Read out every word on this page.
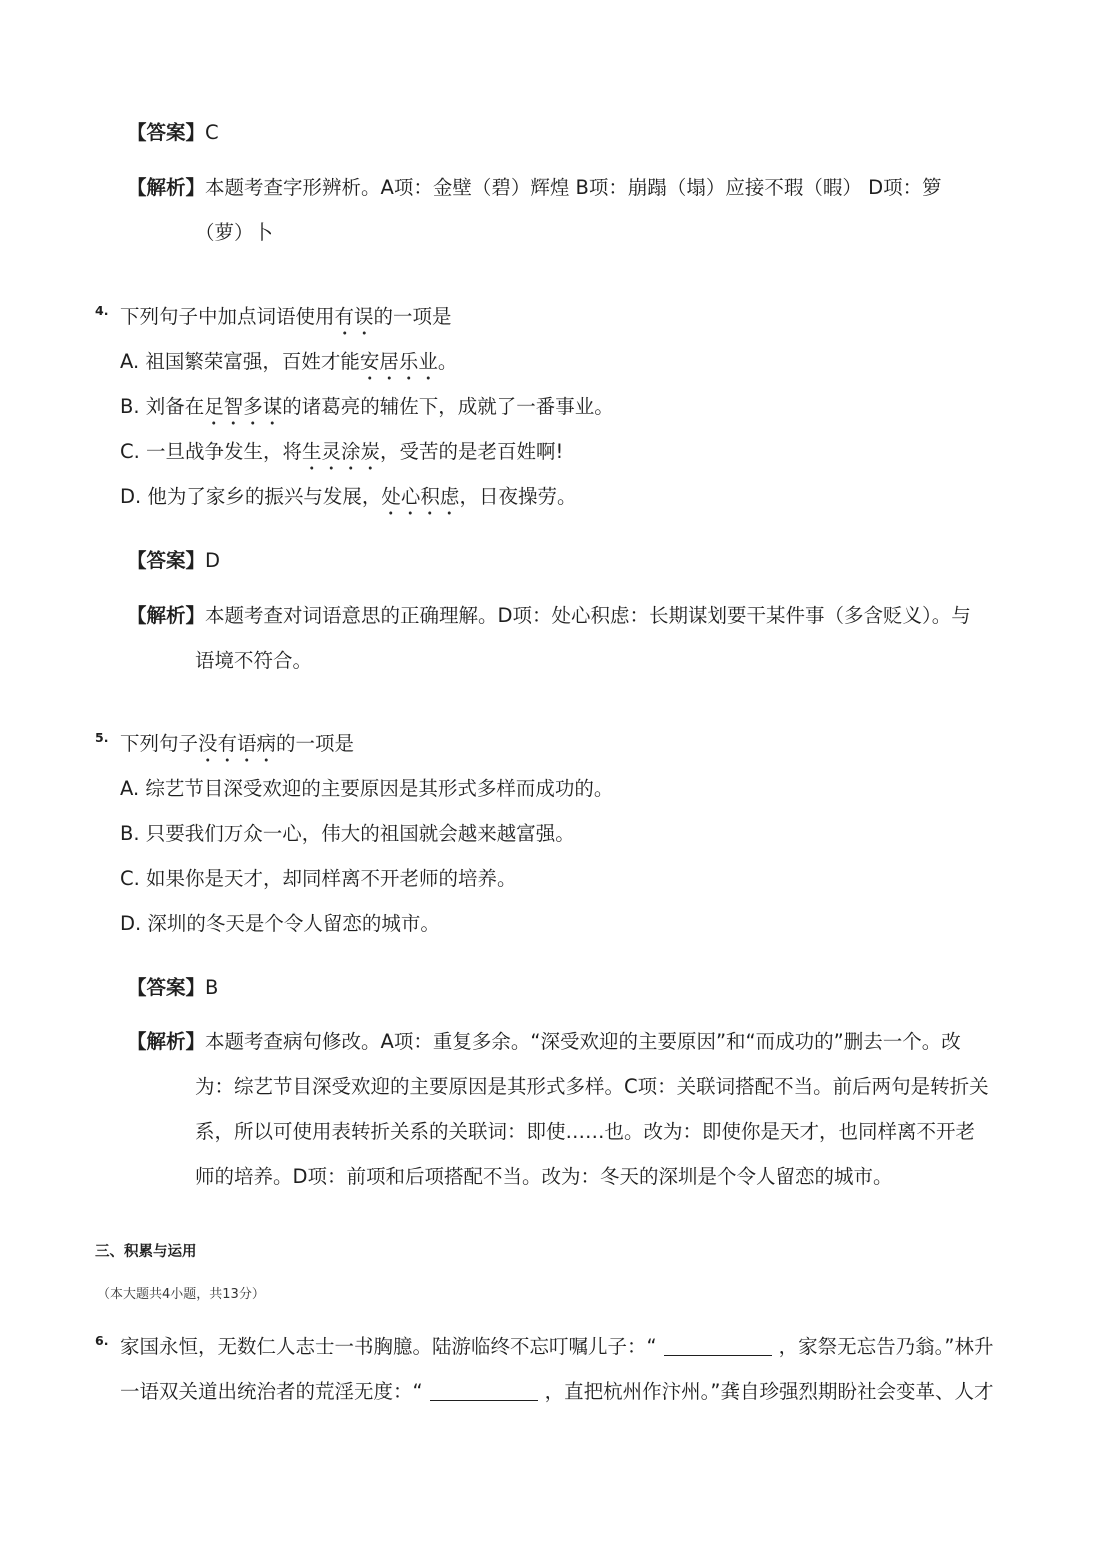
【答案】C
【解析】本题考查字形辨析。A项：金壁（碧）辉煌 B项：崩蹋（塌）应接不瑕（暇） D项：箩
（萝）卜
4. 下列句子中加点词语使用有误的一项是
A. 祖国繁荣富强，百姓才能安居乐业。
B. 刘备在足智多谋的诸葛亮的辅佐下，成就了一番事业。
C. 一旦战争发生，将生灵涂炭，受苦的是老百姓啊!
D. 他为了家乡的振兴与发展，处心积虑，日夜操劳。
【答案】D
【解析】本题考查对词语意思的正确理解。D项：处心积虑：长期谋划要干某件事（多含贬义）。与
语境不符合。
5. 下列句子没有语病的一项是
A. 综艺节目深受欢迎的主要原因是其形式多样而成功的。
B. 只要我们万众一心，伟大的祖国就会越来越富强。
C. 如果你是天才，却同样离不开老师的培养。
D. 深圳的冬天是个令人留恋的城市。
【答案】B
【解析】本题考查病句修改。A项：重复多余。“深受欢迎的主要原因”和“而成功的”删去一个。改
为：综艺节目深受欢迎的主要原因是其形式多样。C项：关联词搭配不当。前后两句是转折关
系，所以可使用表转折关系的关联词：即使……也。改为：即使你是天才，也同样离不开老
师的培养。D项：前项和后项搭配不当。改为：冬天的深圳是个令人留恋的城市。
三、积累与运用
（本大题共4小题，共13分）
6. 家国永恒，无数仁人志士一书胸臆。陆游临终不忘叮嘱儿子：“	，家祭无忘告乃翁。”林升
一语双关道出统治者的荒淫无度：“	，直把杭州作汴州。”龚自珍强烈期盼社会变革、人才
